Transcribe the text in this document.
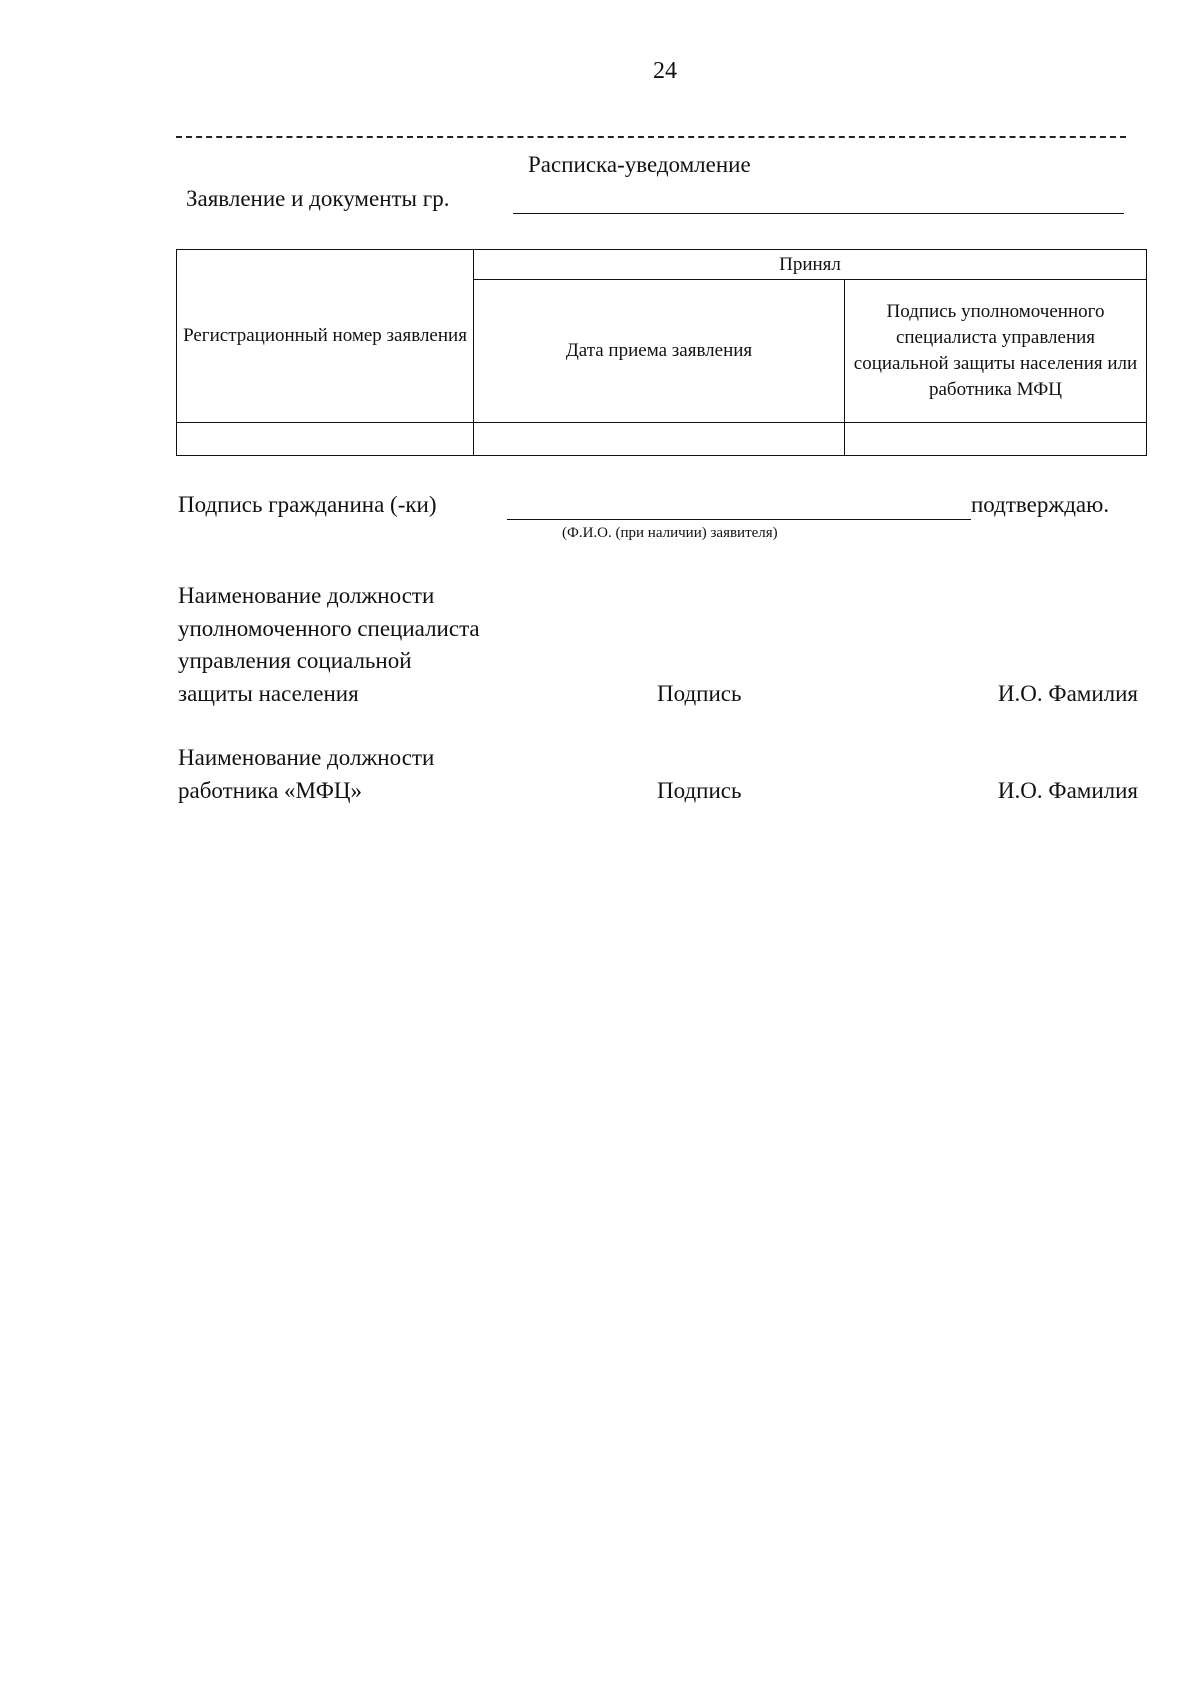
24
Расписка-уведомление
Заявление и документы гр.
Регистрационный номер заявления	Принял	
	Дата приема заявления	Подпись уполномоченного специалиста управления социальной защиты населения или работника МФЦ

Подпись гражданина (-ки)	подтверждаю.
(Ф.И.О. (при наличии) заявителя)
Наименование должности
уполномоченного специалиста
управления социальной
защиты населения	Подпись	И.О. Фамилия
Наименование должности
работника «МФЦ»	Подпись	И.О. Фамилия
